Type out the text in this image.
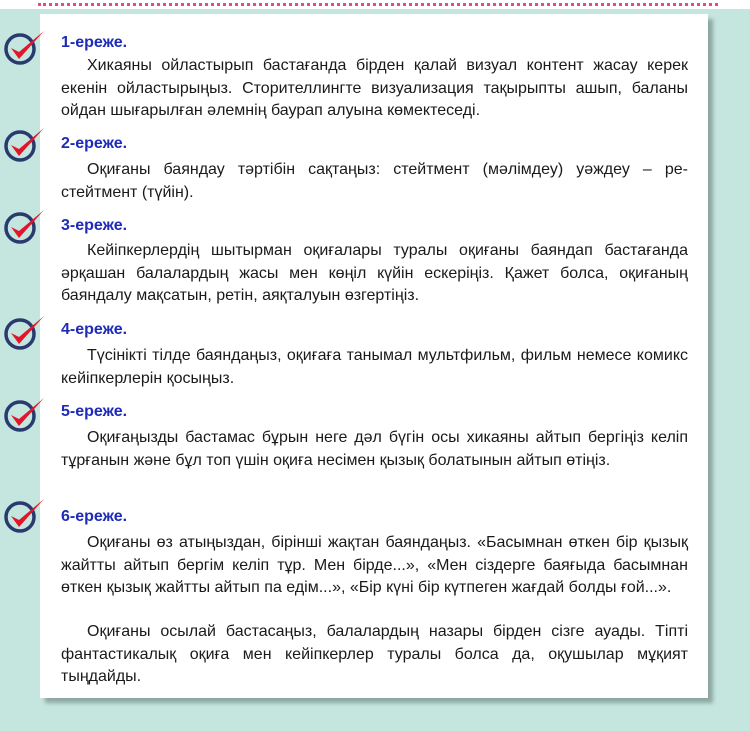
1-ереже.

Хикаяны ойластырып бастағанда бірден қалай визуал контент жасау керек екенін ойластырыңыз. Сторителлингте визуализация тақырыпты ашып, баланы ойдан шығарылған әлемнің баурап алуына көмектеседі.

2-ереже.

Оқиғаны баяндау тәртібін сақтаңыз: стейтмент (мәлімдеу) уәждеу – рестейтмент (түйін).

3-ереже.

Кейіпкерлердің шытырман оқиғалары туралы оқиғаны баяндап бастағанда әрқашан балалардың жасы мен көңіл күйін ескеріңіз. Қажет болса, оқиғаның баяндалу мақсатын, ретін, аяқталуын өзгертіңіз.

4-ереже.

Түсінікті тілде баяндаңыз, оқиғаға танымал мультфильм, фильм немесе комикс кейіпкерлерін қосыңыз.

5-ереже.

Оқиғаңызды бастамас бұрын неге дәл бүгін осы хикаяны айтып бергіңіз келіп тұрғанын және бұл топ үшін оқиға несімен қызық болатынын айтып өтіңіз.

6-ереже.

Оқиғаны өз атыңыздан, бірінші жақтан баяндаңыз. «Басымнан өткен бір қызық жайтты айтып бергім келіп тұр. Мен бірде...», «Мен сіздерге баяғыда басымнан өткен қызық жайтты айтып па едім...», «Бір күні бір күтпеген жағдай болды ғой...».

Оқиғаны осылай бастасаңыз, балалардың назары бірден сізге ауады. Тіпті фантастикалық оқиға мен кейіпкерлер туралы болса да, оқушылар мұқият тыңдайды.
